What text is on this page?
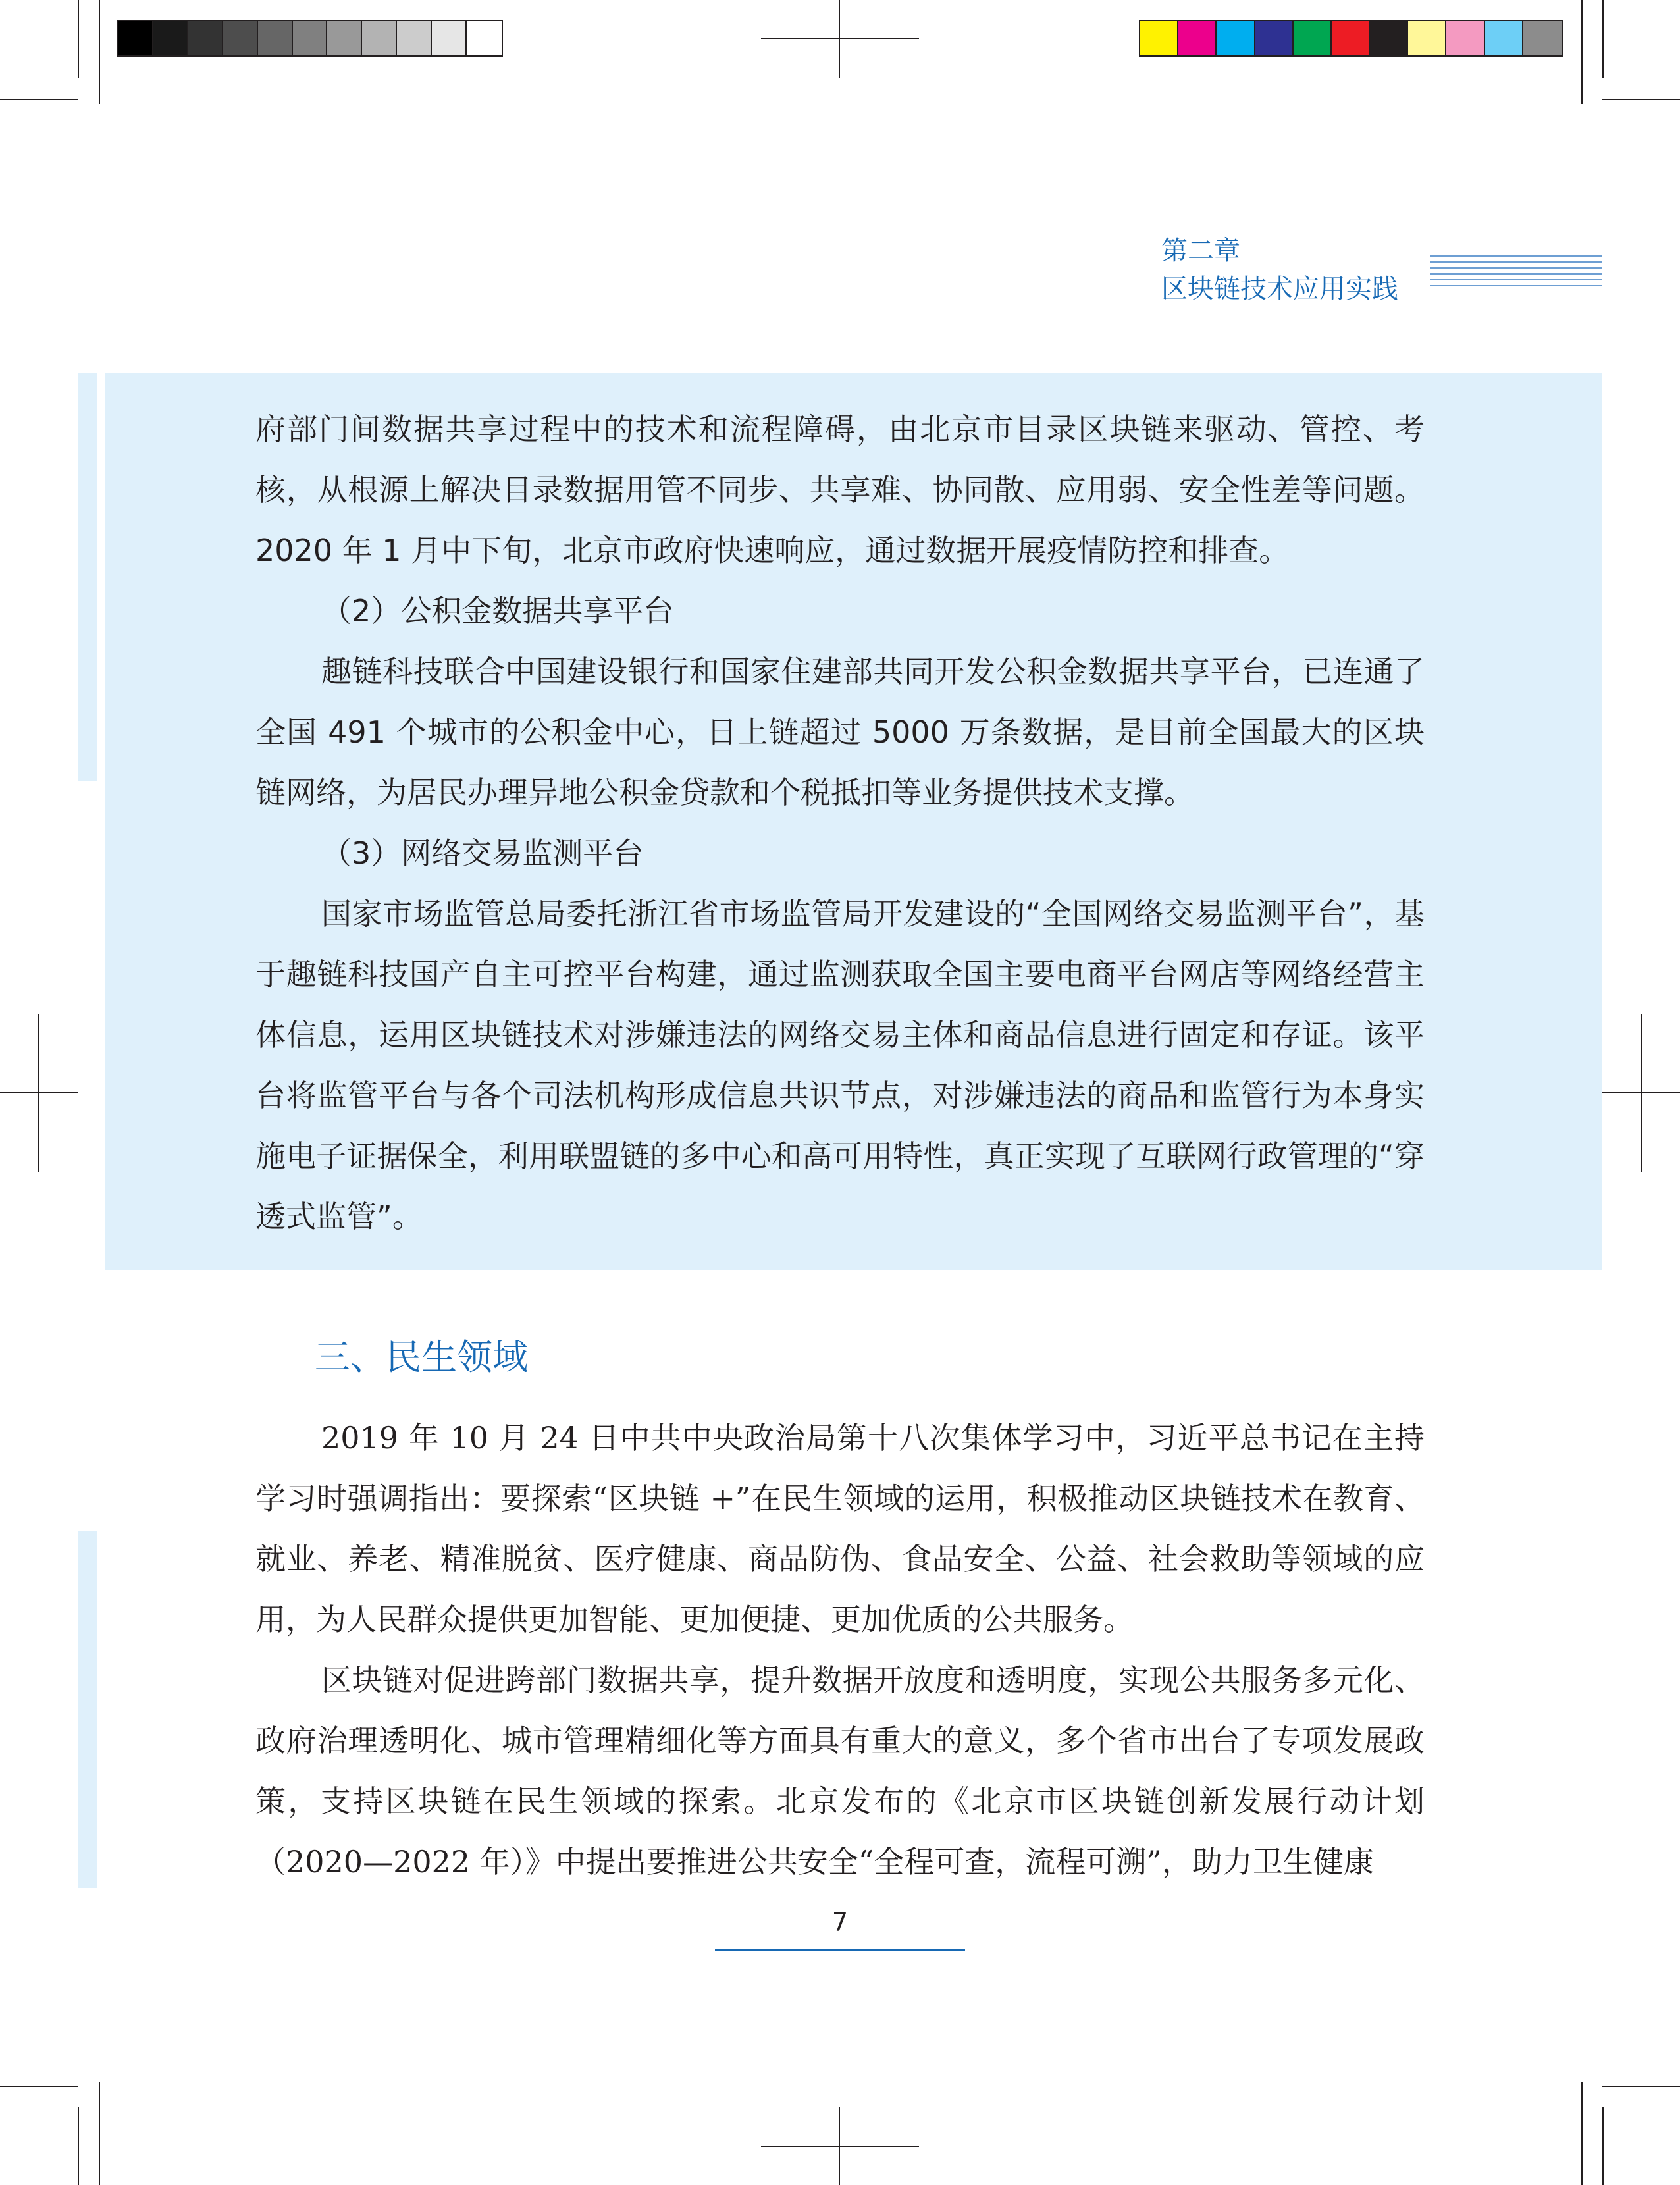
第二章
区块链技术应用实践

府部门间数据共享过程中的技术和流程障碍，由北京市目录区块链来驱动、管控、考核，从根源上解决目录数据用管不同步、共享难、协同散、应用弱、安全性差等问题。2020 年 1 月中下旬，北京市政府快速响应，通过数据开展疫情防控和排查。

（2）公积金数据共享平台

趣链科技联合中国建设银行和国家住建部共同开发公积金数据共享平台，已连通了全国 491 个城市的公积金中心，日上链超过 5000 万条数据，是目前全国最大的区块链网络，为居民办理异地公积金贷款和个税抵扣等业务提供技术支撑。

（3）网络交易监测平台

国家市场监管总局委托浙江省市场监管局开发建设的“全国网络交易监测平台”，基于趣链科技国产自主可控平台构建，通过监测获取全国主要电商平台网店等网络经营主体信息，运用区块链技术对涉嫌违法的网络交易主体和商品信息进行固定和存证。该平台将监管平台与各个司法机构形成信息共识节点，对涉嫌违法的商品和监管行为本身实施电子证据保全，利用联盟链的多中心和高可用特性，真正实现了互联网行政管理的“穿透式监管”。

三、民生领域

2019 年 10 月 24 日中共中央政治局第十八次集体学习中，习近平总书记在主持学习时强调指出：要探索“区块链 +”在民生领域的运用，积极推动区块链技术在教育、就业、养老、精准脱贫、医疗健康、商品防伪、食品安全、公益、社会救助等领域的应用，为人民群众提供更加智能、更加便捷、更加优质的公共服务。

区块链对促进跨部门数据共享，提升数据开放度和透明度，实现公共服务多元化、政府治理透明化、城市管理精细化等方面具有重大的意义，多个省市出台了专项发展政策，支持区块链在民生领域的探索。北京发布的《北京市区块链创新发展行动计划（2020—2022 年）》中提出要推进公共安全“全程可查，流程可溯”，助力卫生健康

7
